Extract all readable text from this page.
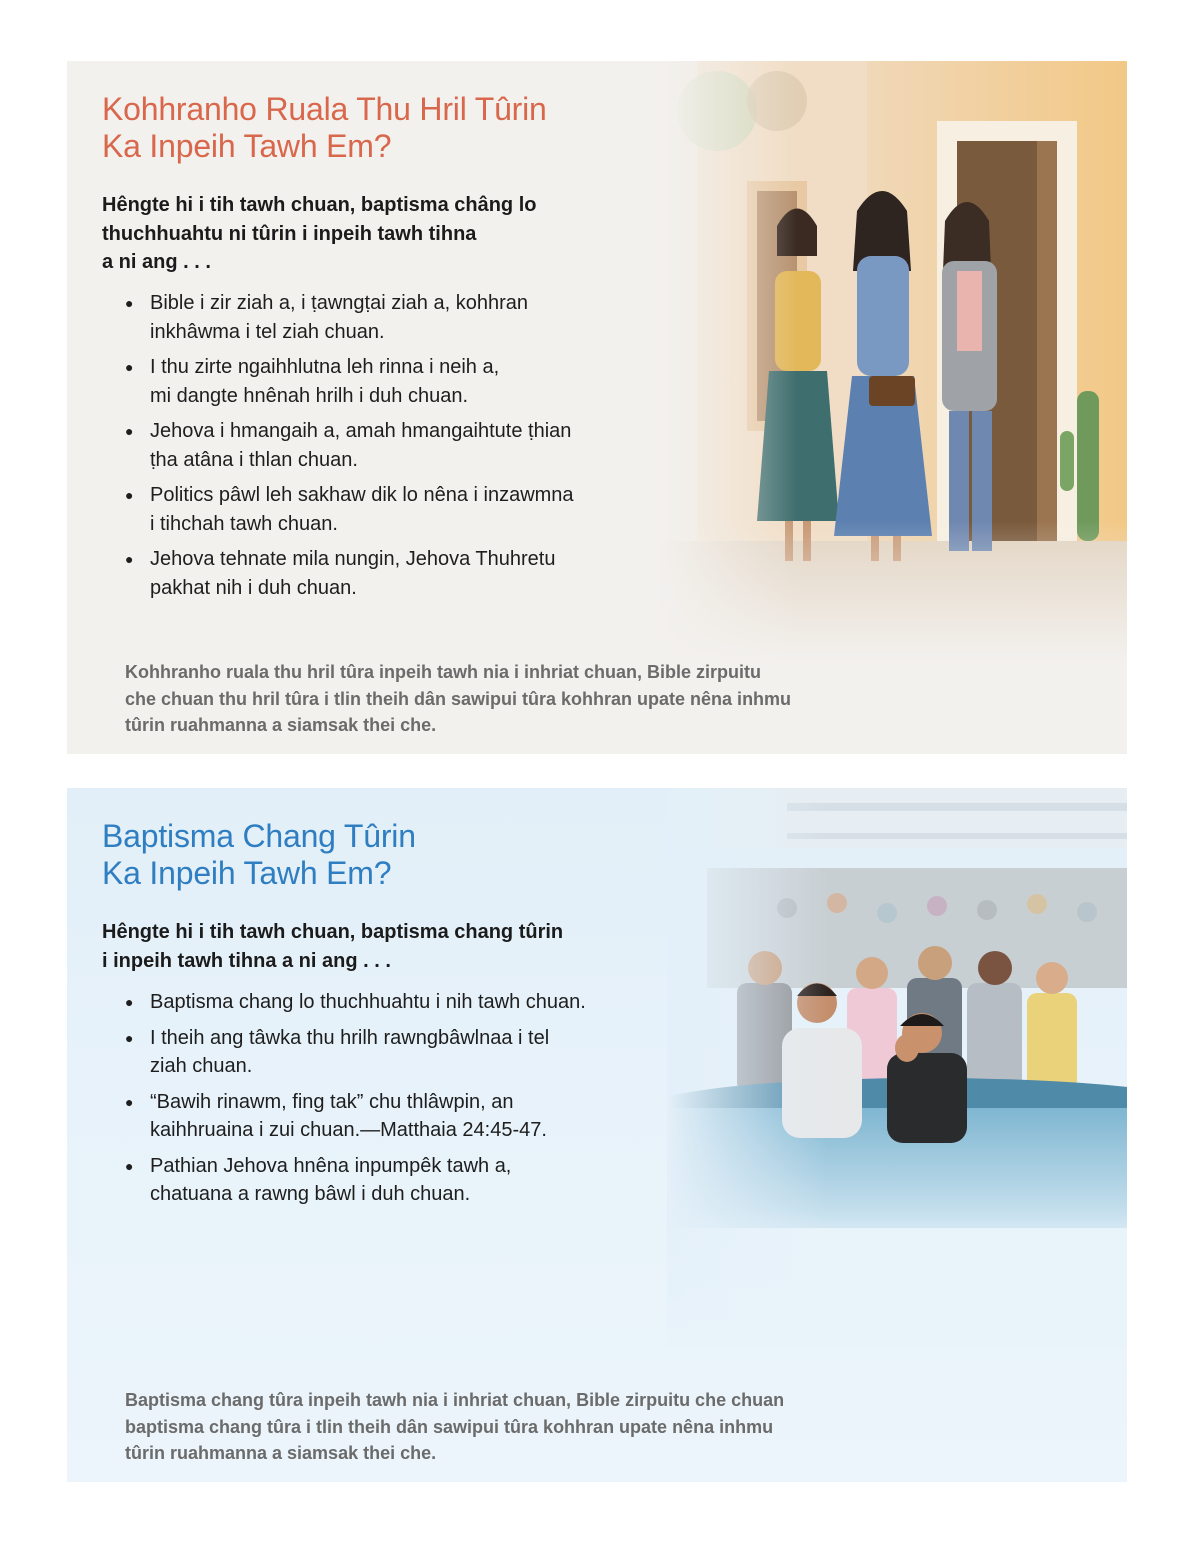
Kohhranho Ruala Thu Hril Tûrin
Ka Inpeih Tawh Em?

Hêngte hi i tih tawh chuan, baptisma châng lo
thuchhuahtu ni tûrin i inpeih tawh tihna
a ni ang . . .

● Bible i zir ziah a, i ṭawngṭai ziah a, kohhran
inkhâwma i tel ziah chuan.
● I thu zirte ngaihhlutna leh rinna i neih a,
mi dangte hnênah hrilh i duh chuan.
● Jehova i hmangaih a, amah hmangaihtute ṭhian
ṭha atâna i thlan chuan.
● Politics pâwl leh sakhaw dik lo nêna i inzawmna
i tihchah tawh chuan.
● Jehova tehnate mila nungin, Jehova Thuhretu
pakhat nih i duh chuan.

Kohhranho ruala thu hril tûra inpeih tawh nia i inhriat chuan, Bible zirpuitu
che chuan thu hril tûra i tlin theih dân sawipui tûra kohhran upate nêna inhmu
tûrin ruahmanna a siamsak thei che.

Baptisma Chang Tûrin
Ka Inpeih Tawh Em?

Hêngte hi i tih tawh chuan, baptisma chang tûrin
i inpeih tawh tihna a ni ang . . .

● Baptisma chang lo thuchhuahtu i nih tawh chuan.
● I theih ang tâwka thu hrilh rawngbâwlnaa i tel
ziah chuan.
● “Bawih rinawm, fing tak” chu thlâwpin, an
kaihhruaina i zui chuan.—Matthaia 24:45-47.
● Pathian Jehova hnêna inpumpêk tawh a,
chatuana a rawng bâwl i duh chuan.

Baptisma chang tûra inpeih tawh nia i inhriat chuan, Bible zirpuitu che chuan
baptisma chang tûra i tlin theih dân sawipui tûra kohhran upate nêna inhmu
tûrin ruahmanna a siamsak thei che.
